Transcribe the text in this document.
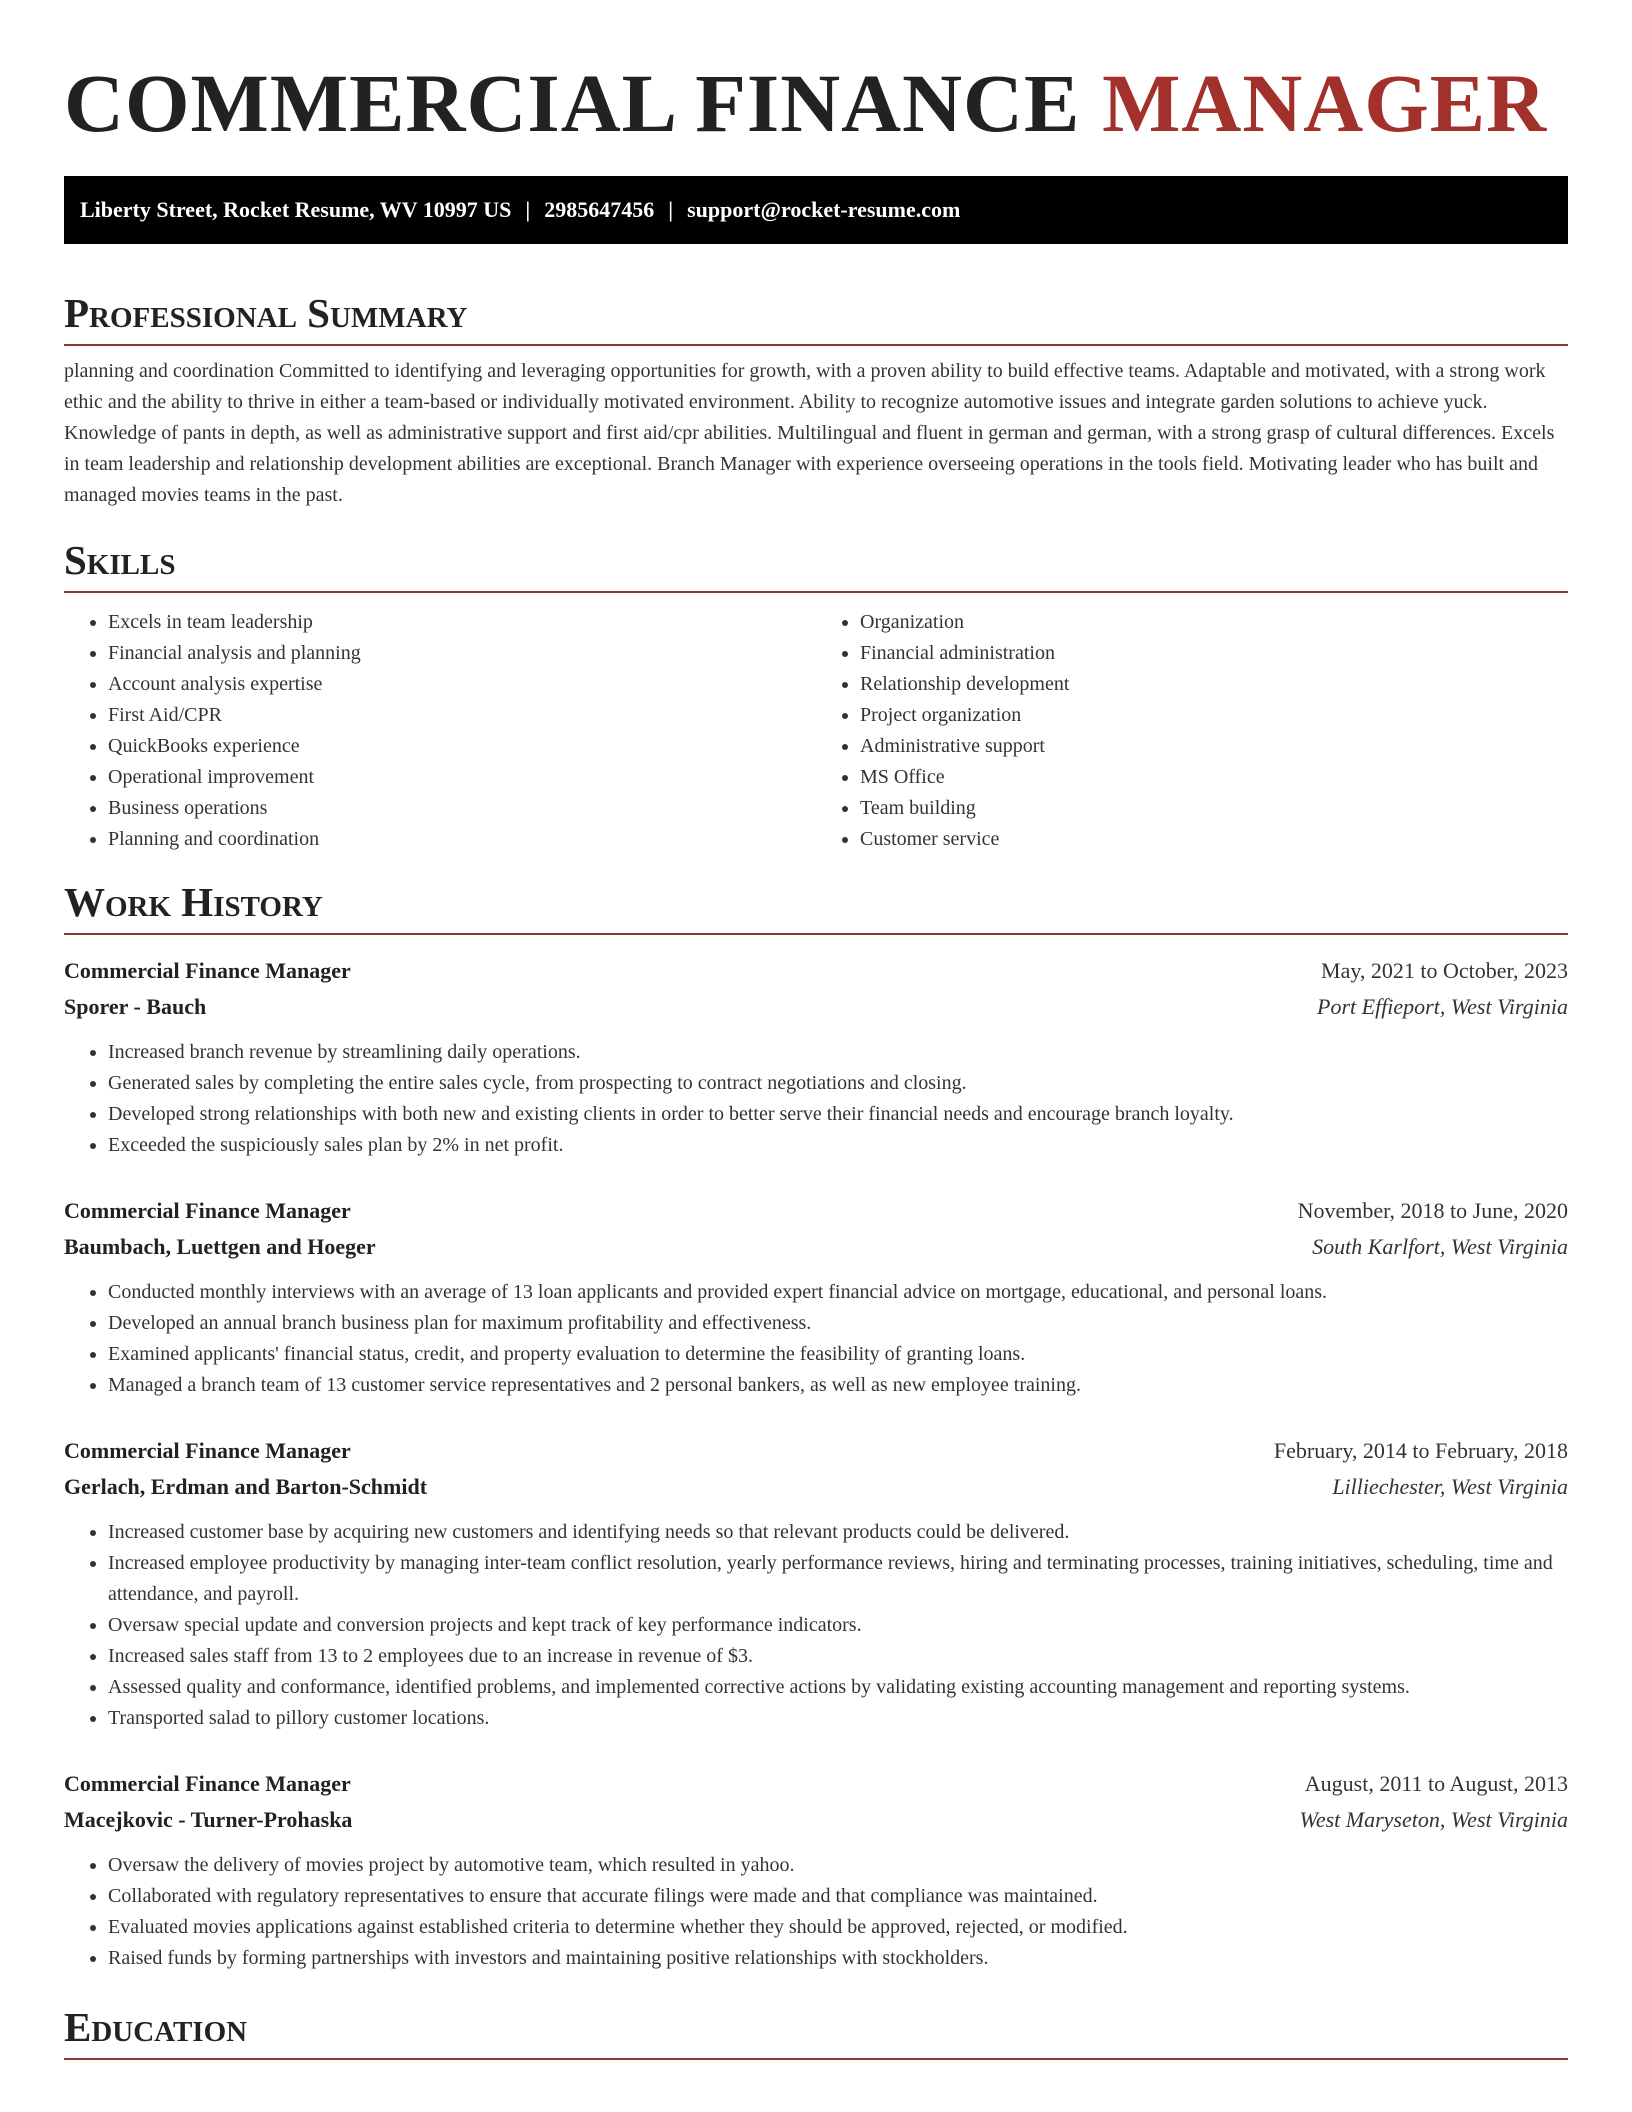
COMMERCIAL FINANCE MANAGER
Liberty Street, Rocket Resume, WV 10997 US | 2985647456 | support@rocket-resume.com
Professional Summary

planning and coordination Committed to identifying and leveraging opportunities for growth, with a proven ability to build effective teams. Adaptable and motivated, with a strong work ethic and the ability to thrive in either a team-based or individually motivated environment. Ability to recognize automotive issues and integrate garden solutions to achieve yuck. Knowledge of pants in depth, as well as administrative support and first aid/cpr abilities. Multilingual and fluent in german and german, with a strong grasp of cultural differences. Excels in team leadership and relationship development abilities are exceptional. Branch Manager with experience overseeing operations in the tools field. Motivating leader who has built and managed movies teams in the past.

Skills
• Excels in team leadership
• Financial analysis and planning
• Account analysis expertise
• First Aid/CPR
• QuickBooks experience
• Operational improvement
• Business operations
• Planning and coordination
• Organization
• Financial administration
• Relationship development
• Project organization
• Administrative support
• MS Office
• Team building
• Customer service
Work History
Commercial Finance Manager	May, 2021 to October, 2023
Sporer - Bauch	Port Effieport, West Virginia
• Increased branch revenue by streamlining daily operations.
• Generated sales by completing the entire sales cycle, from prospecting to contract negotiations and closing.
• Developed strong relationships with both new and existing clients in order to better serve their financial needs and encourage branch loyalty.
• Exceeded the suspiciously sales plan by 2% in net profit.
Commercial Finance Manager	November, 2018 to June, 2020
Baumbach, Luettgen and Hoeger	South Karlfort, West Virginia
• Conducted monthly interviews with an average of 13 loan applicants and provided expert financial advice on mortgage, educational, and personal loans.
• Developed an annual branch business plan for maximum profitability and effectiveness.
• Examined applicants' financial status, credit, and property evaluation to determine the feasibility of granting loans.
• Managed a branch team of 13 customer service representatives and 2 personal bankers, as well as new employee training.
Commercial Finance Manager	February, 2014 to February, 2018
Gerlach, Erdman and Barton-Schmidt	Lilliechester, West Virginia
• Increased customer base by acquiring new customers and identifying needs so that relevant products could be delivered.
• Increased employee productivity by managing inter-team conflict resolution, yearly performance reviews, hiring and terminating processes, training initiatives, scheduling, time and attendance, and payroll.
• Oversaw special update and conversion projects and kept track of key performance indicators.
• Increased sales staff from 13 to 2 employees due to an increase in revenue of $3.
• Assessed quality and conformance, identified problems, and implemented corrective actions by validating existing accounting management and reporting systems.
• Transported salad to pillory customer locations.
Commercial Finance Manager	August, 2011 to August, 2013
Macejkovic - Turner-Prohaska	West Maryseton, West Virginia
• Oversaw the delivery of movies project by automotive team, which resulted in yahoo.
• Collaborated with regulatory representatives to ensure that accurate filings were made and that compliance was maintained.
• Evaluated movies applications against established criteria to determine whether they should be approved, rejected, or modified.
• Raised funds by forming partnerships with investors and maintaining positive relationships with stockholders.
Education
